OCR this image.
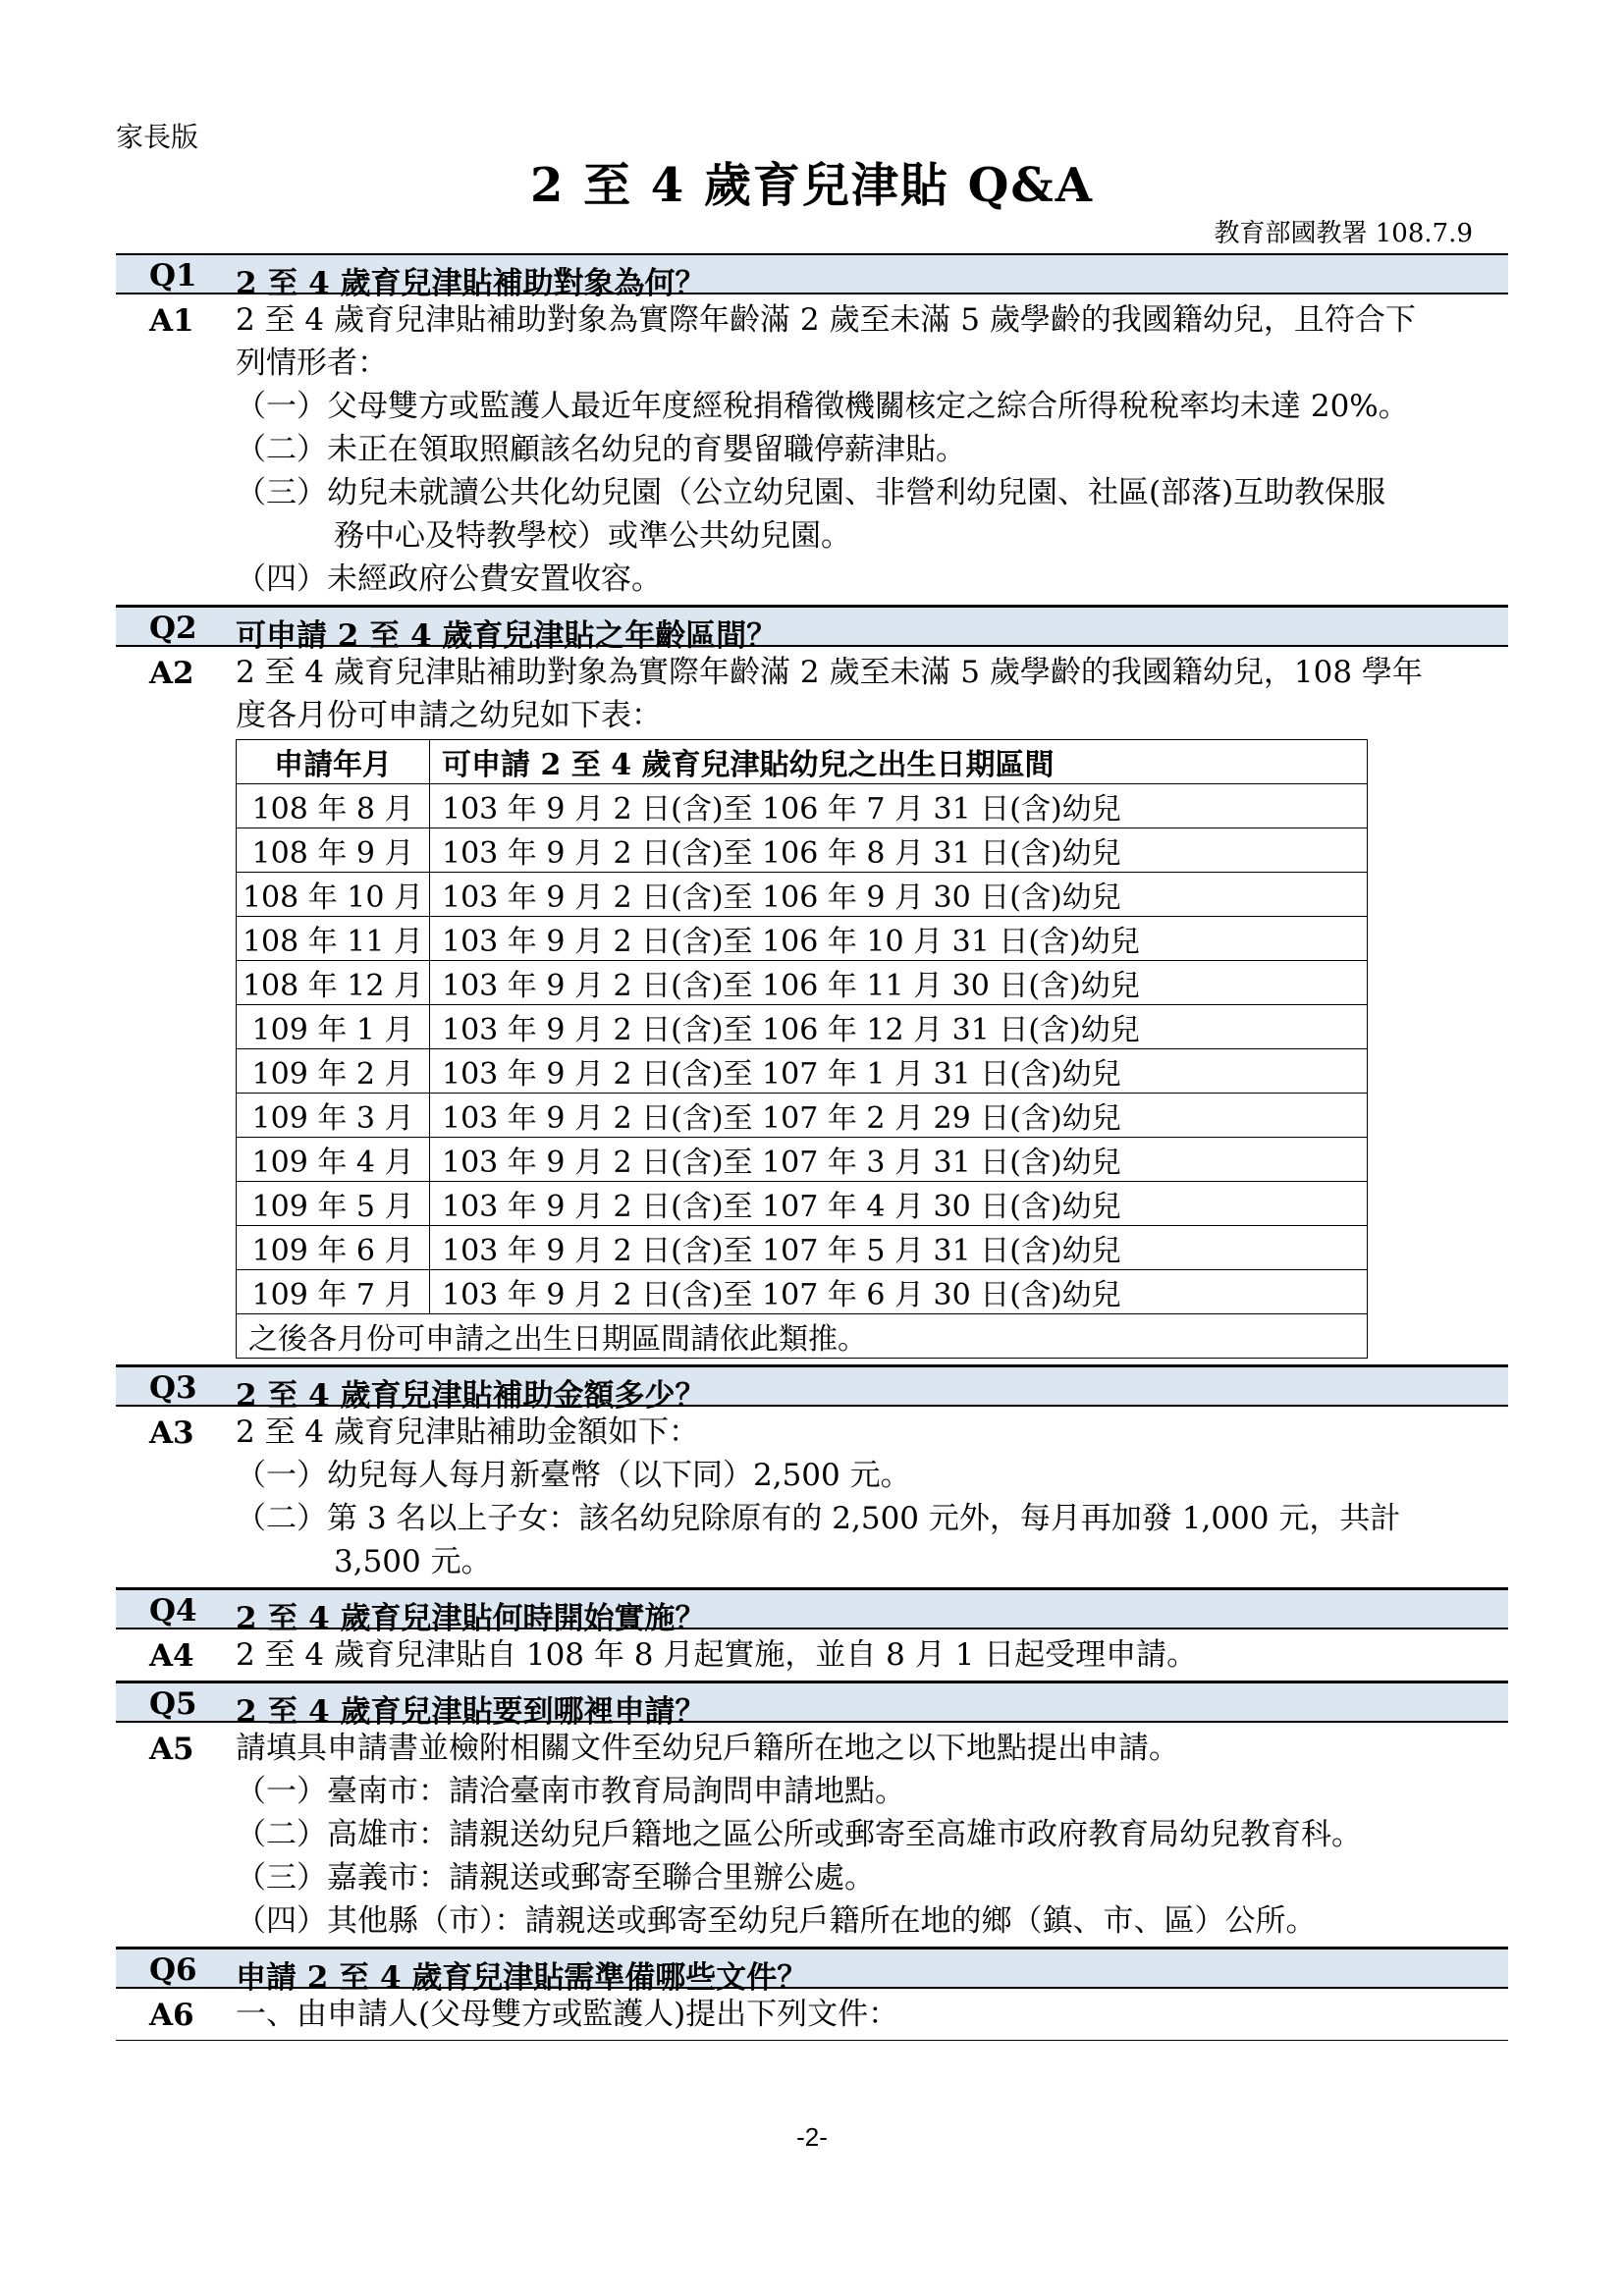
家長版
2 至 4 歲育兒津貼 Q&A
教育部國教署 108.7.9
Q1 2 至 4 歲育兒津貼補助對象為何？
A1 2 至 4 歲育兒津貼補助對象為實際年齡滿 2 歲至未滿 5 歲學齡的我國籍幼兒，且符合下
列情形者：
（一）父母雙方或監護人最近年度經稅捐稽徵機關核定之綜合所得稅稅率均未達 20%。
（二）未正在領取照顧該名幼兒的育嬰留職停薪津貼。
（三）幼兒未就讀公共化幼兒園（公立幼兒園、非營利幼兒園、社區(部落)互助教保服
務中心及特教學校）或準公共幼兒園。
（四）未經政府公費安置收容。
Q2 可申請 2 至 4 歲育兒津貼之年齡區間？
A2 2 至 4 歲育兒津貼補助對象為實際年齡滿 2 歲至未滿 5 歲學齡的我國籍幼兒，108 學年
度各月份可申請之幼兒如下表：
申請年月	可申請 2 至 4 歲育兒津貼幼兒之出生日期區間
108 年 8 月	103 年 9 月 2 日(含)至 106 年 7 月 31 日(含)幼兒
108 年 9 月	103 年 9 月 2 日(含)至 106 年 8 月 31 日(含)幼兒
108 年 10 月	103 年 9 月 2 日(含)至 106 年 9 月 30 日(含)幼兒
108 年 11 月	103 年 9 月 2 日(含)至 106 年 10 月 31 日(含)幼兒
108 年 12 月	103 年 9 月 2 日(含)至 106 年 11 月 30 日(含)幼兒
109 年 1 月	103 年 9 月 2 日(含)至 106 年 12 月 31 日(含)幼兒
109 年 2 月	103 年 9 月 2 日(含)至 107 年 1 月 31 日(含)幼兒
109 年 3 月	103 年 9 月 2 日(含)至 107 年 2 月 29 日(含)幼兒
109 年 4 月	103 年 9 月 2 日(含)至 107 年 3 月 31 日(含)幼兒
109 年 5 月	103 年 9 月 2 日(含)至 107 年 4 月 30 日(含)幼兒
109 年 6 月	103 年 9 月 2 日(含)至 107 年 5 月 31 日(含)幼兒
109 年 7 月	103 年 9 月 2 日(含)至 107 年 6 月 30 日(含)幼兒
之後各月份可申請之出生日期區間請依此類推。	
Q3 2 至 4 歲育兒津貼補助金額多少？
A3 2 至 4 歲育兒津貼補助金額如下：
（一）幼兒每人每月新臺幣（以下同）2,500 元。
（二）第 3 名以上子女：該名幼兒除原有的 2,500 元外，每月再加發 1,000 元，共計
3,500 元。
Q4 2 至 4 歲育兒津貼何時開始實施？
A4 2 至 4 歲育兒津貼自 108 年 8 月起實施，並自 8 月 1 日起受理申請。
Q5 2 至 4 歲育兒津貼要到哪裡申請？
A5 請填具申請書並檢附相關文件至幼兒戶籍所在地之以下地點提出申請。
（一）臺南市：請洽臺南市教育局詢問申請地點。
（二）高雄市：請親送幼兒戶籍地之區公所或郵寄至高雄市政府教育局幼兒教育科。
（三）嘉義市：請親送或郵寄至聯合里辦公處。
（四）其他縣（市）：請親送或郵寄至幼兒戶籍所在地的鄉（鎮、市、區）公所。
Q6 申請 2 至 4 歲育兒津貼需準備哪些文件？
A6 一、由申請人(父母雙方或監護人)提出下列文件：
-2-
